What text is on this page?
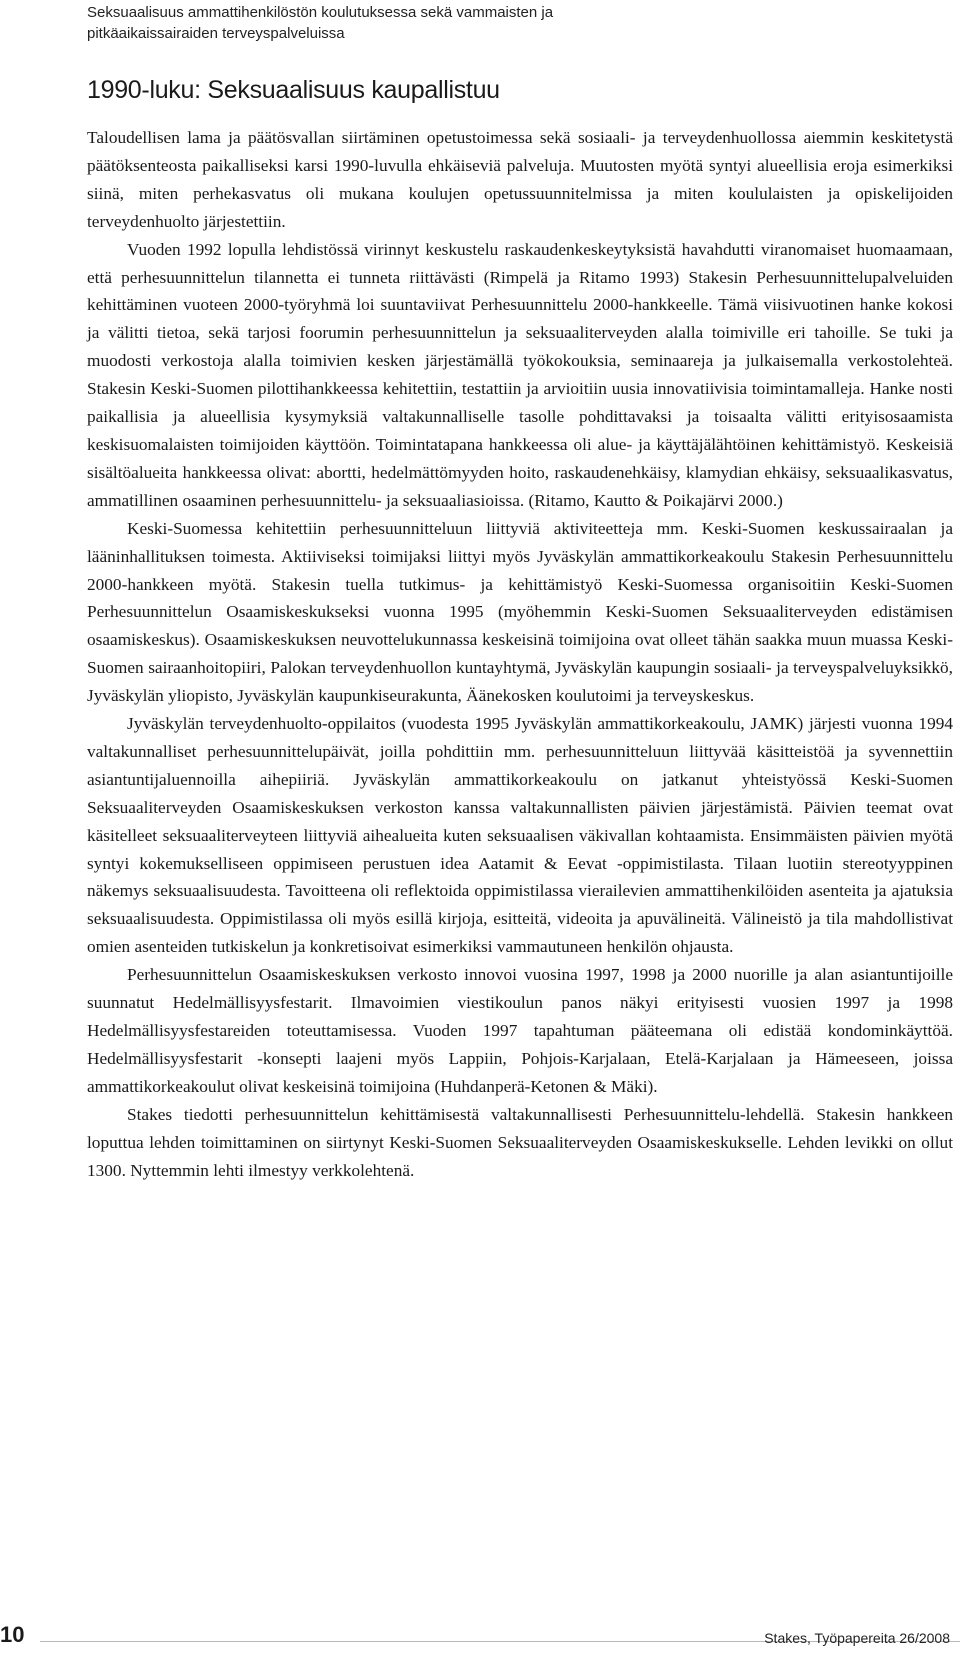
Seksuaalisuus ammattihenkilöstön koulutuksessa sekä vammaisten ja
pitkäaikaissairaiden terveyspalveluissa
1990-luku: Seksuaalisuus kaupallistuu

Taloudellisen lama ja päätösvallan siirtäminen opetustoimessa sekä sosiaali- ja terveydenhuollossa aiemmin keskitetystä päätöksenteosta paikalliseksi karsi 1990-luvulla ehkäiseviä palveluja. Muutosten myötä syntyi alueellisia eroja esimerkiksi siinä, miten perhekasvatus oli mukana koulujen opetussuunnitelmissa ja miten koululaisten ja opiskelijoiden terveydenhuolto järjestettiin.

Vuoden 1992 lopulla lehdistössä virinnyt keskustelu raskaudenkeskeytyksistä havahdutti viranomaiset huomaamaan, että perhesuunnittelun tilannetta ei tunneta riittävästi (Rimpelä ja Ritamo 1993) Stakesin Perhesuunnittelupalveluiden kehittäminen vuoteen 2000-työryhmä loi suuntaviivat Perhesuunnittelu 2000-hankkeelle. Tämä viisivuotinen hanke kokosi ja välitti tietoa, sekä tarjosi foorumin perhesuunnittelun ja seksuaaliterveyden alalla toimiville eri tahoille. Se tuki ja muodosti verkostoja alalla toimivien kesken järjestämällä työkokouksia, seminaareja ja julkaisemalla verkostolehteä. Stakesin Keski-Suomen pilottihankkeessa kehitettiin, testattiin ja arvioitiin uusia innovatiivisia toimintamalleja. Hanke nosti paikallisia ja alueellisia kysymyksiä valtakunnalliselle tasolle pohdittavaksi ja toisaalta välitti erityisosaamista keskisuomalaisten toimijoiden käyttöön. Toimintatapana hankkeessa oli alue- ja käyttäjälähtöinen kehittämistyö. Keskeisiä sisältöalueita hankkeessa olivat: abortti, hedelmättömyyden hoito, raskaudenehkäisy, klamydian ehkäisy, seksuaalikasvatus, ammatillinen osaaminen perhesuunnittelu- ja seksuaaliasioissa. (Ritamo, Kautto & Poikajärvi 2000.)

Keski-Suomessa kehitettiin perhesuunnitteluun liittyviä aktiviteetteja mm. Keski-Suomen keskussairaalan ja lääninhallituksen toimesta. Aktiiviseksi toimijaksi liittyi myös Jyväskylän ammattikorkeakoulu Stakesin Perhesuunnittelu 2000-hankkeen myötä. Stakesin tuella tutkimus- ja kehittämistyö Keski-Suomessa organisoitiin Keski-Suomen Perhesuunnittelun Osaamiskeskukseksi vuonna 1995 (myöhemmin Keski-Suomen Seksuaaliterveyden edistämisen osaamiskeskus). Osaamiskeskuksen neuvottelukunnassa keskeisinä toimijoina ovat olleet tähän saakka muun muassa Keski-Suomen sairaanhoitopiiri, Palokan terveydenhuollon kuntayhtymä, Jyväskylän kaupungin sosiaali- ja terveyspalveluyksikkö, Jyväskylän yliopisto, Jyväskylän kaupunkiseurakunta, Äänekosken koulutoimi ja terveyskeskus.

Jyväskylän terveydenhuolto-oppilaitos (vuodesta 1995 Jyväskylän ammattikorkeakoulu, JAMK) järjesti vuonna 1994 valtakunnalliset perhesuunnittelupäivät, joilla pohdittiin mm. perhesuunnitteluun liittyvää käsitteistöä ja syvennettiin asiantuntijaluennoilla aihepiiriä. Jyväskylän ammattikorkeakoulu on jatkanut yhteistyössä Keski-Suomen Seksuaaliterveyden Osaamiskeskuksen verkoston kanssa valtakunnallisten päivien järjestämistä. Päivien teemat ovat käsitelleet seksuaaliterveyteen liittyviä aihealueita kuten seksuaalisen väkivallan kohtaamista. Ensimmäisten päivien myötä syntyi kokemukselliseen oppimiseen perustuen idea Aatamit & Eevat -oppimistilasta. Tilaan luotiin stereotyyppinen näkemys seksuaalisuudesta. Tavoitteena oli reflektoida oppimistilassa vierailevien ammattihenkilöiden asenteita ja ajatuksia seksuaalisuudesta. Oppimistilassa oli myös esillä kirjoja, esitteitä, videoita ja apuvälineitä. Välineistö ja tila mahdollistivat omien asenteiden tutkiskelun ja konkretisoivat esimerkiksi vammautuneen henkilön ohjausta.

Perhesuunnittelun Osaamiskeskuksen verkosto innovoi vuosina 1997, 1998 ja 2000 nuorille ja alan asiantuntijoille suunnatut Hedelmällisyysfestarit. Ilmavoimien viestikoulun panos näkyi erityisesti vuosien 1997 ja 1998 Hedelmällisyysfestareiden toteuttamisessa. Vuoden 1997 tapahtuman pääteemana oli edistää kondominkäyttöä. Hedelmällisyysfestarit -konsepti laajeni myös Lappiin, Pohjois-Karjalaan, Etelä-Karjalaan ja Hämeeseen, joissa ammattikorkeakoulut olivat keskeisinä toimijoina (Huhdanperä-Ketonen & Mäki).

Stakes tiedotti perhesuunnittelun kehittämisestä valtakunnallisesti Perhesuunnittelu-lehdellä. Stakesin hankkeen loputtua lehden toimittaminen on siirtynyt Keski-Suomen Seksuaaliterveyden Osaamiskeskukselle. Lehden levikki on ollut 1300. Nyttemmin lehti ilmestyy verkkolehtenä.

10	Stakes, Työpapereita 26/2008
